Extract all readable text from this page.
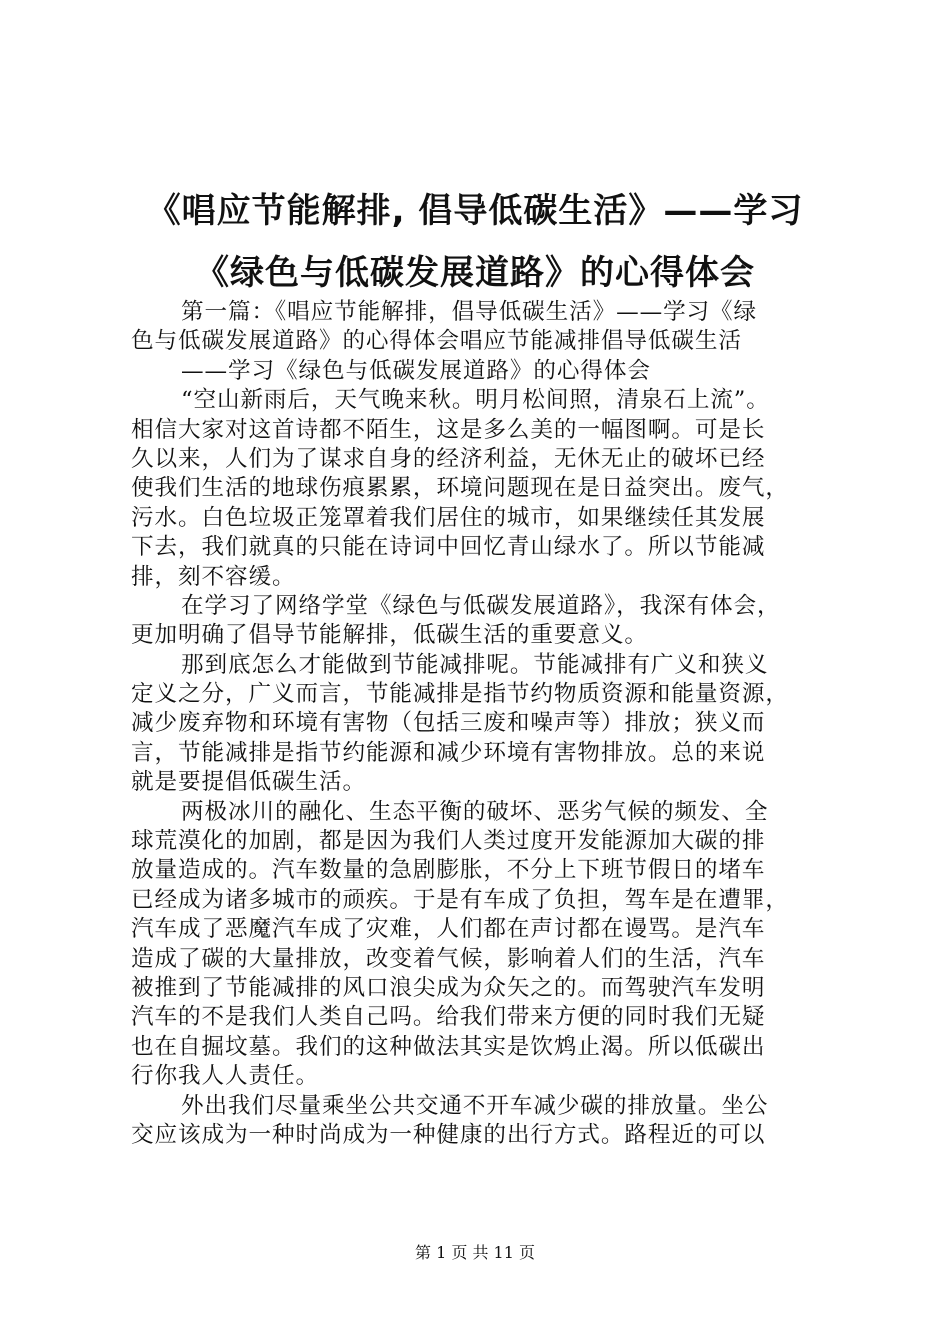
《唱应节能解排, 倡导低碳生活》——学习
《绿色与低碳发展道路》的心得体会
第一篇：《唱应节能解排，倡导低碳生活》——学习《绿
色与低碳发展道路》的心得体会唱应节能减排倡导低碳生活
——学习《绿色与低碳发展道路》的心得体会
“空山新雨后，天气晚来秋。明月松间照，清泉石上流”。
相信大家对这首诗都不陌生，这是多么美的一幅图啊。可是长
久以来，人们为了谋求自身的经济利益，无休无止的破坏已经
使我们生活的地球伤痕累累，环境问题现在是日益突出。废气，
污水。白色垃圾正笼罩着我们居住的城市，如果继续任其发展
下去，我们就真的只能在诗词中回忆青山绿水了。所以节能减
排，刻不容缓。
在学习了网络学堂《绿色与低碳发展道路》，我深有体会，
更加明确了倡导节能解排，低碳生活的重要意义。
那到底怎么才能做到节能减排呢。节能减排有广义和狭义
定义之分，广义而言，节能减排是指节约物质资源和能量资源，
减少废弃物和环境有害物（包括三废和噪声等）排放；狭义而
言，节能减排是指节约能源和减少环境有害物排放。总的来说
就是要提倡低碳生活。
两极冰川的融化、生态平衡的破坏、恶劣气候的频发、全
球荒漠化的加剧，都是因为我们人类过度开发能源加大碳的排
放量造成的。汽车数量的急剧膨胀，不分上下班节假日的堵车
已经成为诸多城市的顽疾。于是有车成了负担，驾车是在遭罪，
汽车成了恶魔汽车成了灾难，人们都在声讨都在谩骂。是汽车
造成了碳的大量排放，改变着气候，影响着人们的生活，汽车
被推到了节能减排的风口浪尖成为众矢之的。而驾驶汽车发明
汽车的不是我们人类自己吗。给我们带来方便的同时我们无疑
也在自掘坟墓。我们的这种做法其实是饮鸩止渴。所以低碳出
行你我人人责任。
外出我们尽量乘坐公共交通不开车减少碳的排放量。坐公
交应该成为一种时尚成为一种健康的出行方式。路程近的可以
第 1 页 共 11 页
